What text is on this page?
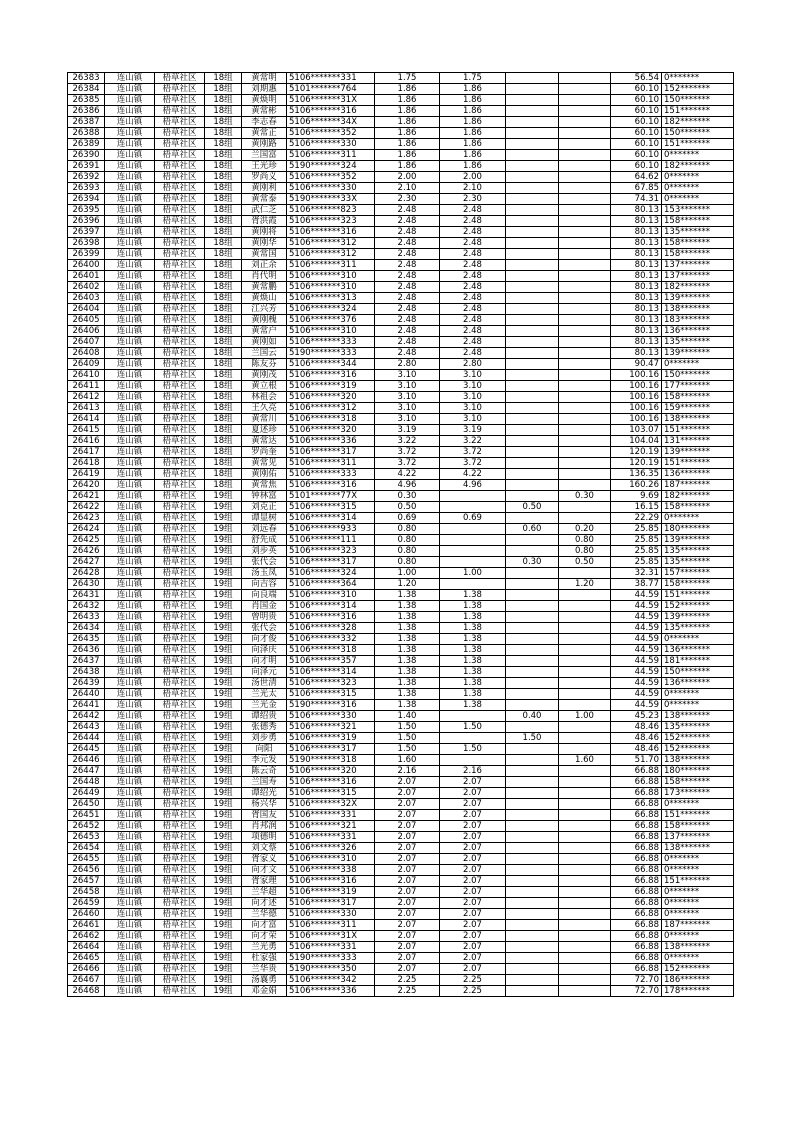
26383	连山镇	梧草社区	18组	黄常明	5106*******331	1.75	1.75			56.54	0*******
26384	连山镇	梧草社区	18组	刘期惠	5101*******764	1.86	1.86			60.10	152*******
26385	连山镇	梧草社区	18组	黄焕明	5106*******31X	1.86	1.86			60.10	150*******
26386	连山镇	梧草社区	18组	黄常彬	5106*******316	1.86	1.86			60.10	151*******
26387	连山镇	梧草社区	18组	李志春	5106*******34X	1.86	1.86			60.10	182*******
26388	连山镇	梧草社区	18组	黄常正	5106*******352	1.86	1.86			60.10	150*******
26389	连山镇	梧草社区	18组	黄刚路	5106*******330	1.86	1.86			60.10	151*******
26390	连山镇	梧草社区	18组	兰国富	5106*******311	1.86	1.86			60.10	0*******
26391	连山镇	梧草社区	18组	王光珍	5190*******324	1.86	1.86			60.10	182*******
26392	连山镇	梧草社区	18组	罗尚义	5106*******352	2.00	2.00			64.62	0*******
26393	连山镇	梧草社区	18组	黄刚利	5106*******330	2.10	2.10			67.85	0*******
26394	连山镇	梧草社区	18组	黄常泰	5190*******33X	2.30	2.30			74.31	0*******
26395	连山镇	梧草社区	18组	武仁芝	5106*******823	2.48	2.48			80.13	153*******
26396	连山镇	梧草社区	18组	胥洪霞	5106*******323	2.48	2.48			80.13	158*******
26397	连山镇	梧草社区	18组	黄刚将	5106*******316	2.48	2.48			80.13	135*******
26398	连山镇	梧草社区	18组	黄刚华	5106*******312	2.48	2.48			80.13	158*******
26399	连山镇	梧草社区	18组	黄常国	5106*******312	2.48	2.48			80.13	158*******
26400	连山镇	梧草社区	18组	刘正余	5106*******311	2.48	2.48			80.13	137*******
26401	连山镇	梧草社区	18组	肖代明	5106*******310	2.48	2.48			80.13	137*******
26402	连山镇	梧草社区	18组	黄常鹏	5106*******310	2.48	2.48			80.13	182*******
26403	连山镇	梧草社区	18组	黄焕山	5106*******313	2.48	2.48			80.13	139*******
26404	连山镇	梧草社区	18组	江兴芳	5106*******324	2.48	2.48			80.13	138*******
26405	连山镇	梧草社区	18组	黄刚槐	5106*******376	2.48	2.48			80.13	183*******
26406	连山镇	梧草社区	18组	黄常户	5106*******310	2.48	2.48			80.13	136*******
26407	连山镇	梧草社区	18组	黄刚如	5106*******333	2.48	2.48			80.13	135*******
26408	连山镇	梧草社区	18组	兰国云	5190*******333	2.48	2.48			80.13	139*******
26409	连山镇	梧草社区	18组	陈友芬	5106*******344	2.80	2.80			90.47	0*******
26410	连山镇	梧草社区	18组	黄刚茂	5106*******316	3.10	3.10			100.16	150*******
26411	连山镇	梧草社区	18组	黄立根	5106*******319	3.10	3.10			100.16	177*******
26412	连山镇	梧草社区	18组	林祖会	5106*******320	3.10	3.10			100.16	158*******
26413	连山镇	梧草社区	18组	王久亮	5106*******312	3.10	3.10			100.16	159*******
26414	连山镇	梧草社区	18组	黄常川	5106*******318	3.10	3.10			100.16	138*******
26415	连山镇	梧草社区	18组	夏述珍	5106*******320	3.19	3.19			103.07	151*******
26416	连山镇	梧草社区	18组	黄常达	5106*******336	3.22	3.22			104.04	131*******
26417	连山镇	梧草社区	18组	罗尚奎	5106*******317	3.72	3.72			120.19	139*******
26418	连山镇	梧草社区	18组	黄常见	5106*******311	3.72	3.72			120.19	151*******
26419	连山镇	梧草社区	18组	黄刚佑	5106*******333	4.22	4.22			136.35	136*******
26420	连山镇	梧草社区	18组	黄常焦	5106*******316	4.96	4.96			160.26	187*******
26421	连山镇	梧草社区	19组	钟林富	5101*******77X	0.30			0.30	9.69	182*******
26422	连山镇	梧草社区	19组	刘克正	5106*******315	0.50		0.50		16.15	158*******
26423	连山镇	梧草社区	19组	谭显树	5106*******314	0.69	0.69			22.29	0*******
26424	连山镇	梧草社区	19组	刘远春	5106*******933	0.80		0.60	0.20	25.85	180*******
26425	连山镇	梧草社区	19组	舒先成	5106*******111	0.80			0.80	25.85	139*******
26426	连山镇	梧草社区	19组	刘步英	5106*******323	0.80			0.80	25.85	135*******
26427	连山镇	梧草社区	19组	张代会	5106*******317	0.80		0.30	0.50	25.85	135*******
26428	连山镇	梧草社区	19组	汤玉凤	5106*******324	1.00	1.00			32.31	157*******
26430	连山镇	梧草社区	19组	向吉容	5106*******364	1.20			1.20	38.77	158*******
26431	连山镇	梧草社区	19组	向良端	5106*******310	1.38	1.38			44.59	151*******
26432	连山镇	梧草社区	19组	肖国金	5106*******314	1.38	1.38			44.59	152*******
26433	连山镇	梧草社区	19组	曾明贵	5106*******316	1.38	1.38			44.59	139*******
26434	连山镇	梧草社区	19组	张代会	5106*******328	1.38	1.38			44.59	135*******
26435	连山镇	梧草社区	19组	向才俊	5106*******332	1.38	1.38			44.59	0*******
26436	连山镇	梧草社区	19组	向泽庆	5106*******318	1.38	1.38			44.59	136*******
26437	连山镇	梧草社区	19组	向才明	5106*******357	1.38	1.38			44.59	181*******
26438	连山镇	梧草社区	19组	向泽元	5106*******314	1.38	1.38			44.59	150*******
26439	连山镇	梧草社区	19组	汤世清	5106*******323	1.38	1.38			44.59	136*******
26440	连山镇	梧草社区	19组	兰光太	5106*******315	1.38	1.38			44.59	0*******
26441	连山镇	梧草社区	19组	兰光金	5190*******316	1.38	1.38			44.59	0*******
26442	连山镇	梧草社区	19组	谭绍贵	5106*******330	1.40		0.40	1.00	45.23	138*******
26443	连山镇	梧草社区	19组	张德秀	5106*******321	1.50	1.50			48.46	135*******
26444	连山镇	梧草社区	19组	刘步勇	5106*******319	1.50		1.50		48.46	152*******
26445	连山镇	梧草社区	19组	向阳	5106*******317	1.50	1.50			48.46	152*******
26446	连山镇	梧草社区	19组	李元发	5190*******318	1.60			1.60	51.70	138*******
26447	连山镇	梧草社区	19组	陈云奇	5106*******320	2.16	2.16			66.88	180*******
26448	连山镇	梧草社区	19组	兰国寿	5106*******316	2.07	2.07			66.88	158*******
26449	连山镇	梧草社区	19组	谭绍光	5106*******315	2.07	2.07			66.88	173*******
26450	连山镇	梧草社区	19组	杨兴华	5106*******32X	2.07	2.07			66.88	0*******
26451	连山镇	梧草社区	19组	胥国友	5106*******331	2.07	2.07			66.88	151*******
26452	连山镇	梧草社区	19组	肖邦润	5106*******321	2.07	2.07			66.88	158*******
26453	连山镇	梧草社区	19组	项德明	5106*******331	2.07	2.07			66.88	137*******
26454	连山镇	梧草社区	19组	刘文蔡	5106*******326	2.07	2.07			66.88	138*******
26455	连山镇	梧草社区	19组	胥家义	5106*******310	2.07	2.07			66.88	0*******
26456	连山镇	梧草社区	19组	向才文	5106*******338	2.07	2.07			66.88	0*******
26457	连山镇	梧草社区	19组	胥家理	5106*******316	2.07	2.07			66.88	151*******
26458	连山镇	梧草社区	19组	兰华超	5106*******319	2.07	2.07			66.88	0*******
26459	连山镇	梧草社区	19组	向才述	5106*******317	2.07	2.07			66.88	0*******
26460	连山镇	梧草社区	19组	兰华德	5106*******330	2.07	2.07			66.88	0*******
26461	连山镇	梧草社区	19组	向才富	5106*******311	2.07	2.07			66.88	187*******
26462	连山镇	梧草社区	19组	向才荣	5106*******31X	2.07	2.07			66.88	0*******
26464	连山镇	梧草社区	19组	兰光勇	5106*******331	2.07	2.07			66.88	138*******
26465	连山镇	梧草社区	19组	杜家强	5190*******333	2.07	2.07			66.88	0*******
26466	连山镇	梧草社区	19组	兰华贵	5190*******350	2.07	2.07			66.88	152*******
26467	连山镇	梧草社区	19组	汤襄勇	5106*******342	2.25	2.25			72.70	186*******
26468	连山镇	梧草社区	19组	邓金娟	5106*******336	2.25	2.25			72.70	178*******
